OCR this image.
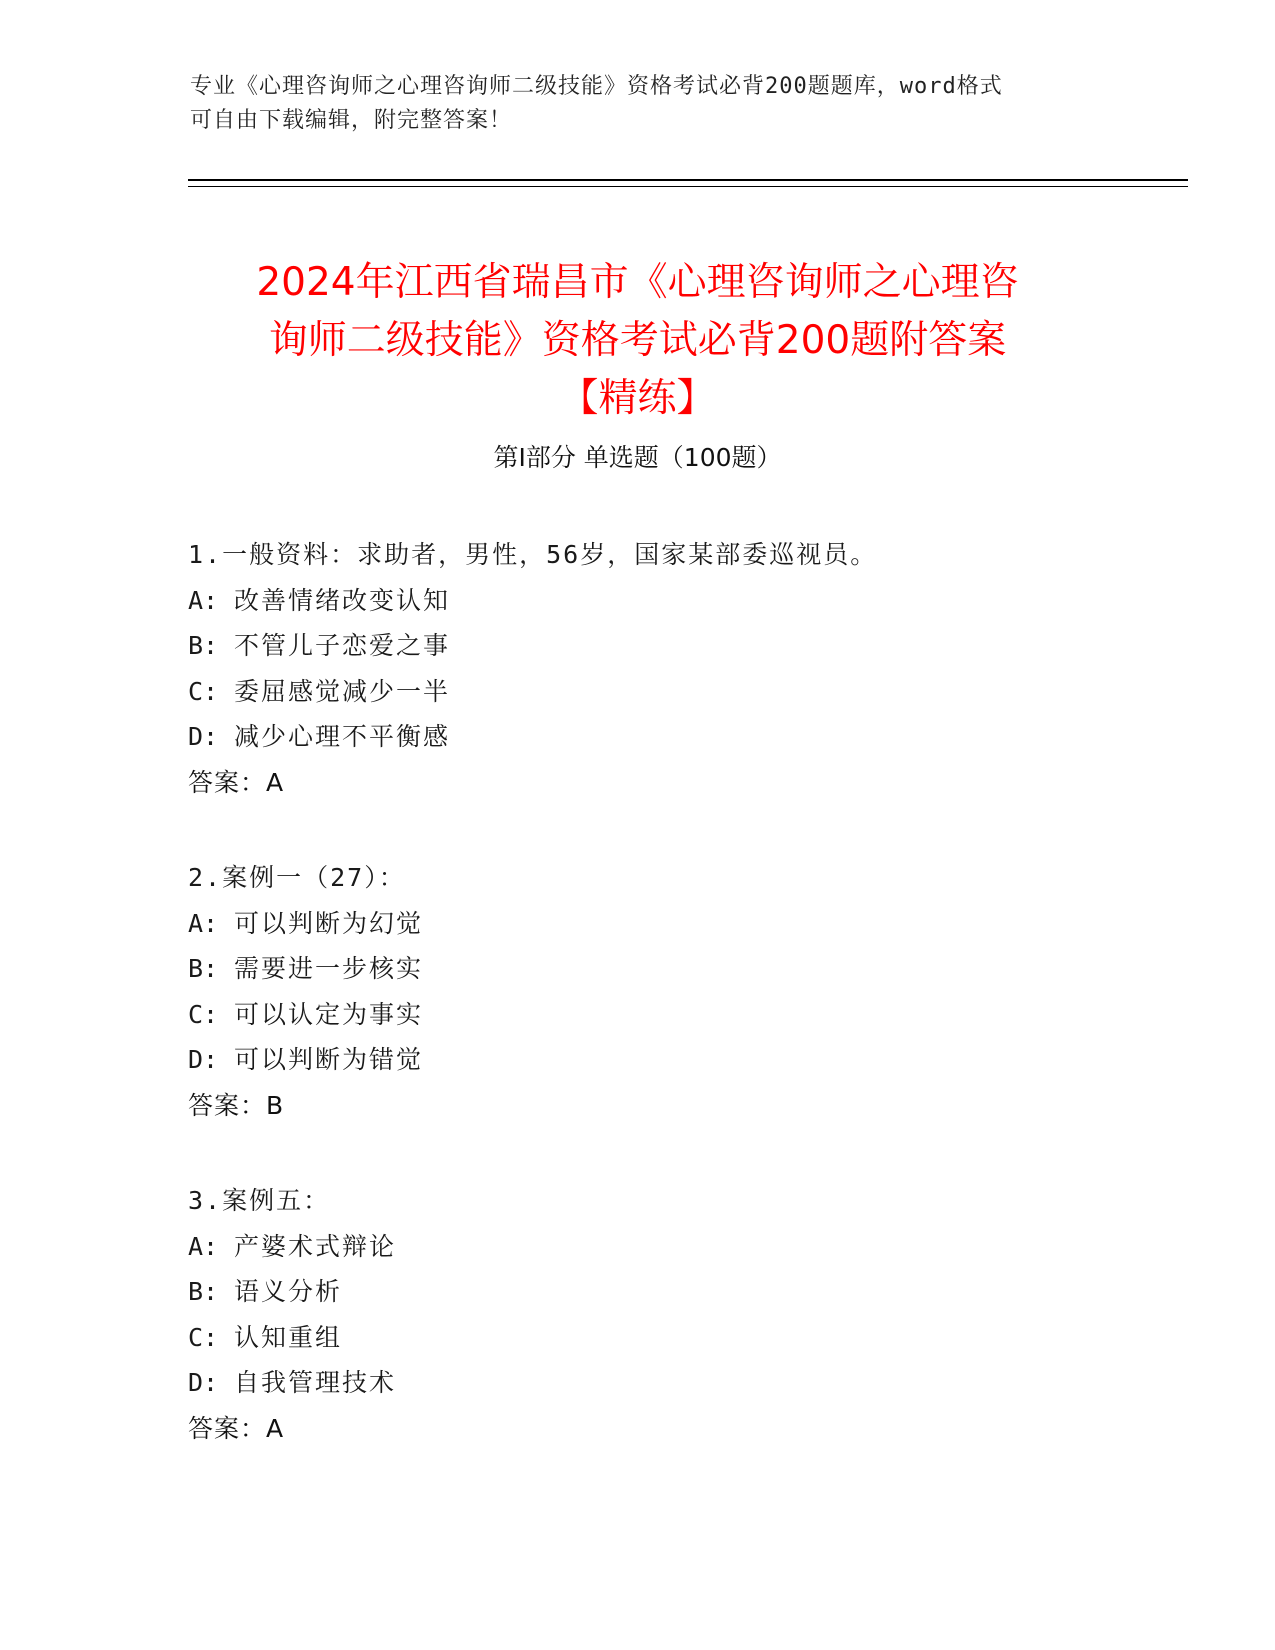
专业《心理咨询师之心理咨询师二级技能》资格考试必背200题题库，word格式
可自由下载编辑，附完整答案！
2024年江西省瑞昌市《心理咨询师之心理咨
询师二级技能》资格考试必背200题附答案
【精练】
第Ⅰ部分 单选题（100题）
1.一般资料：求助者，男性，56岁，国家某部委巡视员。
A: 改善情绪改变认知
B: 不管儿子恋爱之事
C: 委屈感觉减少一半
D: 减少心理不平衡感
答案：A
2.案例一（27）：
A: 可以判断为幻觉
B: 需要进一步核实
C: 可以认定为事实
D: 可以判断为错觉
答案：B
3.案例五：
A: 产婆术式辩论
B: 语义分析
C: 认知重组
D: 自我管理技术
答案：A
